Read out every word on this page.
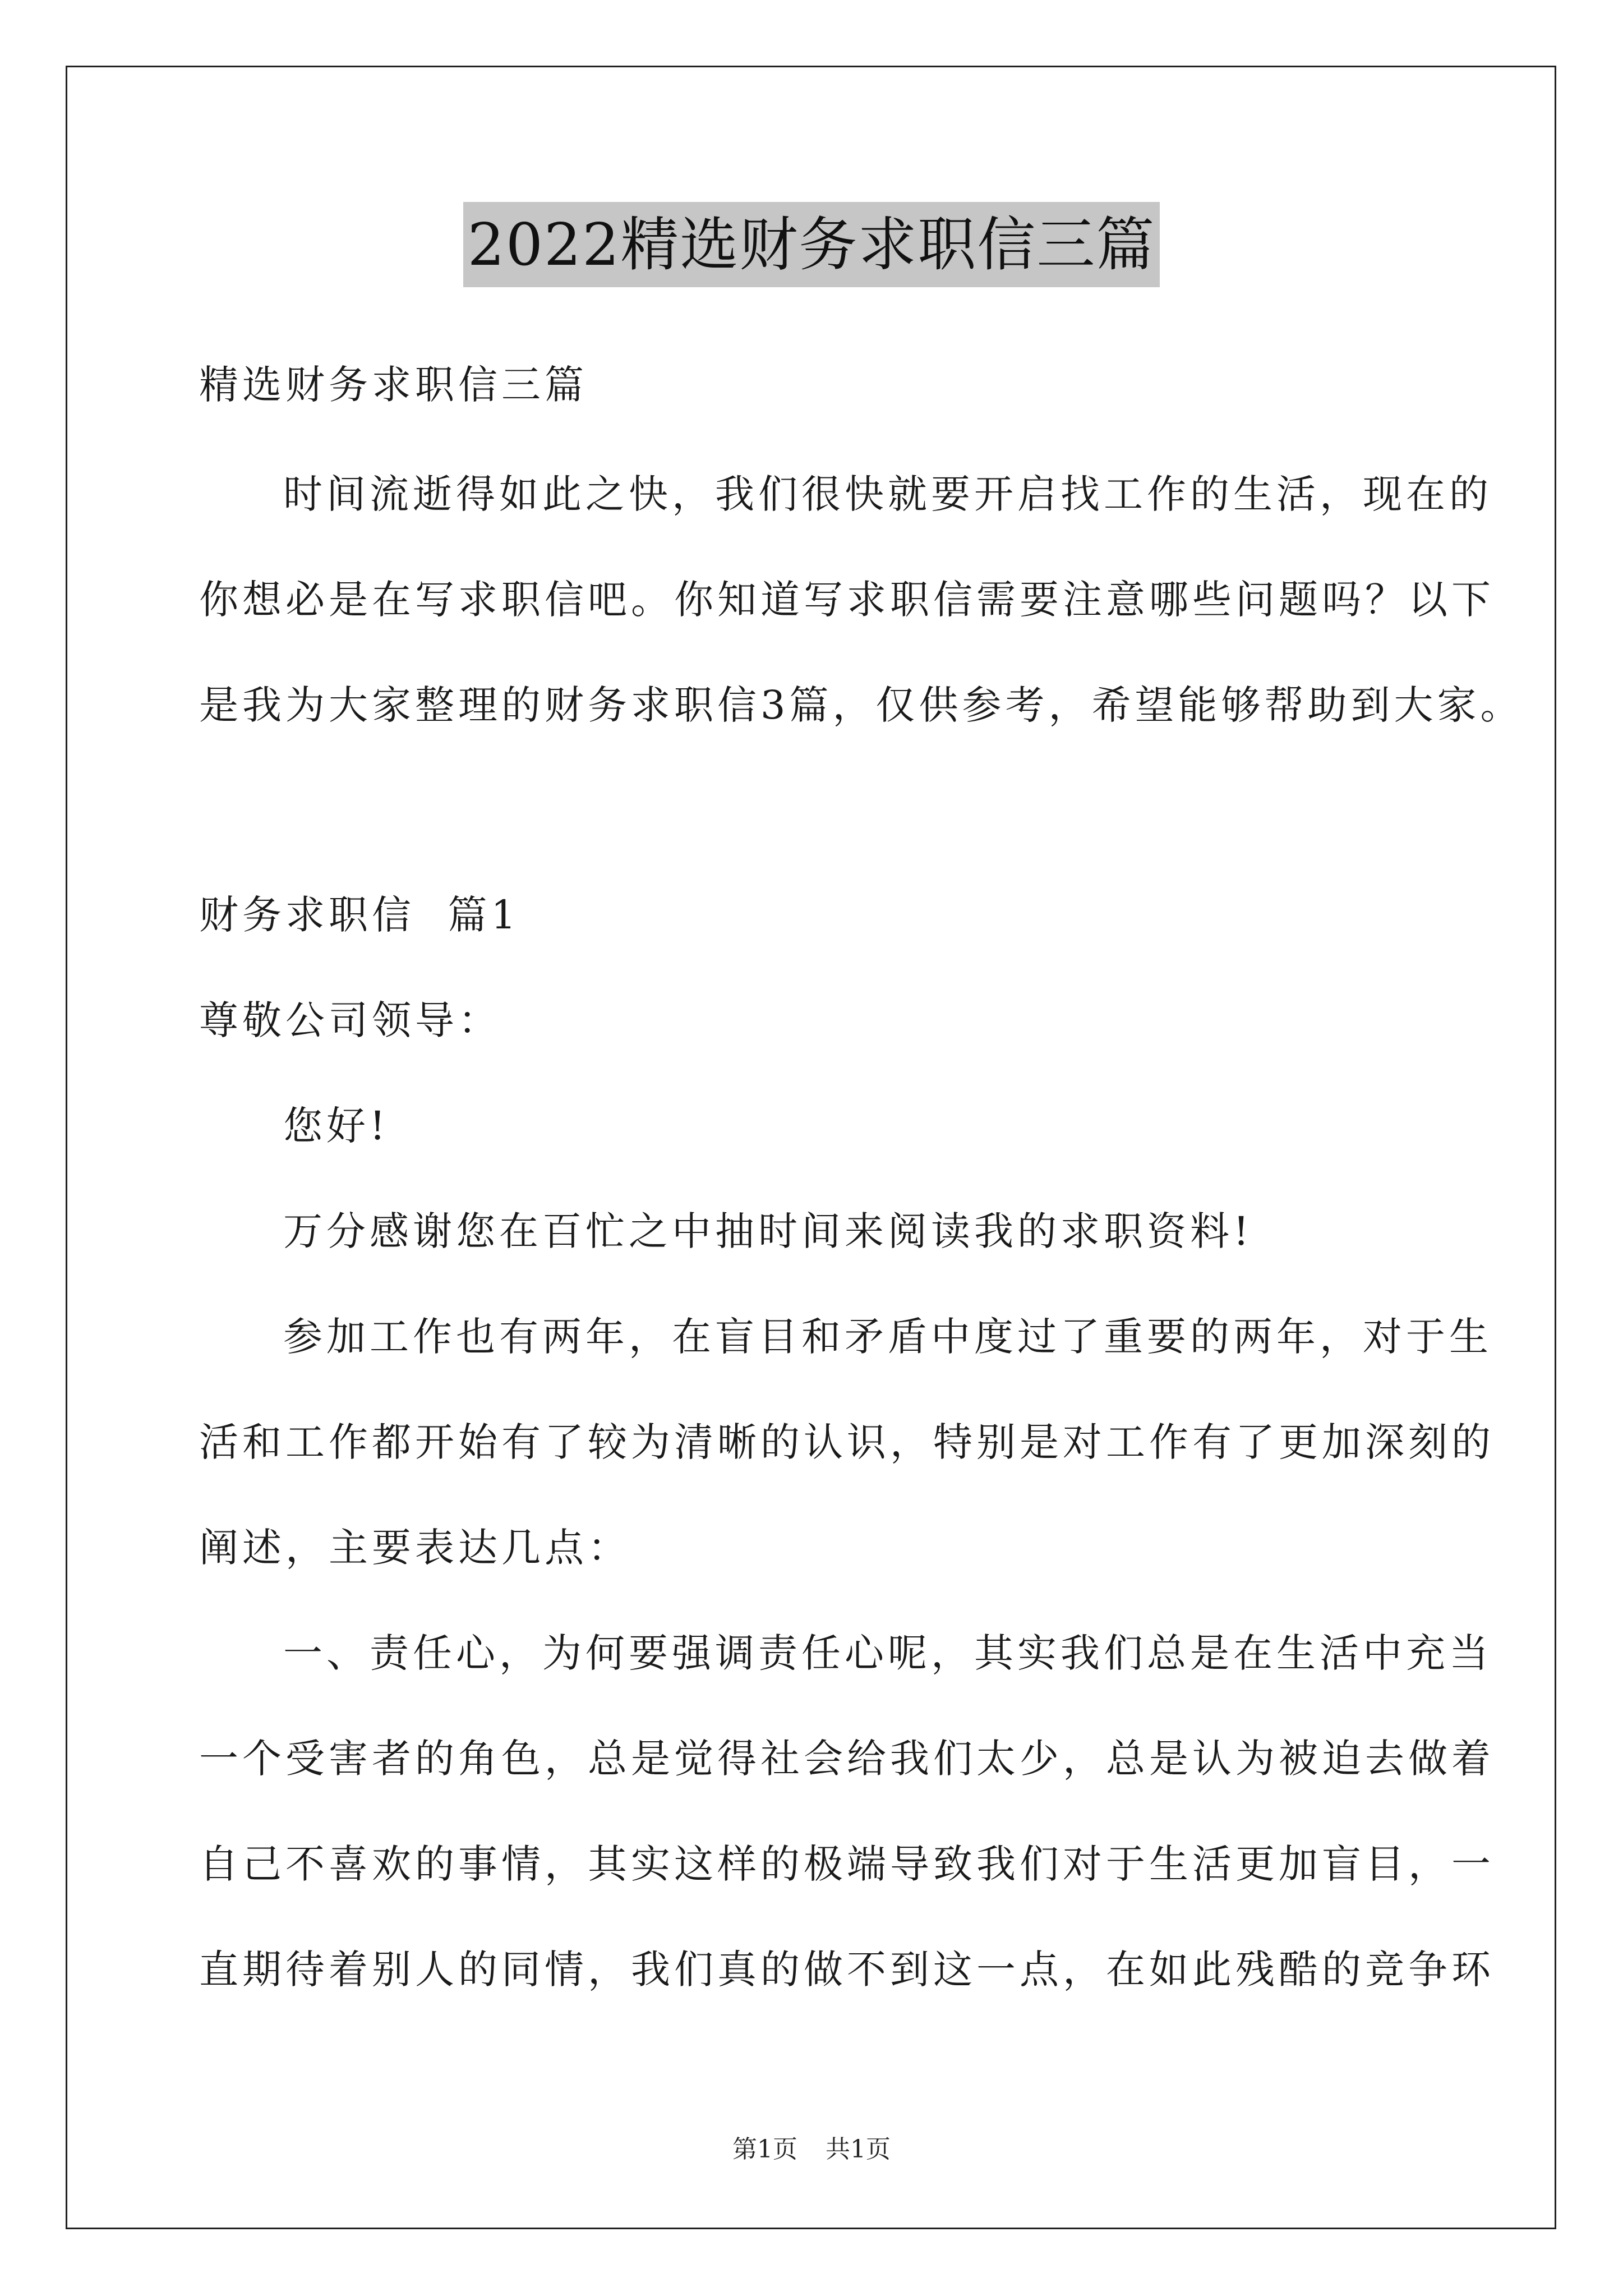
2022精选财务求职信三篇
精选财务求职信三篇
时间流逝得如此之快，我们很快就要开启找工作的生活，现在的
你想必是在写求职信吧。你知道写求职信需要注意哪些问题吗？以下
是我为大家整理的财务求职信3篇，仅供参考，希望能够帮助到大家。
财务求职信  篇1
尊敬公司领导：
您好!
万分感谢您在百忙之中抽时间来阅读我的求职资料!
参加工作也有两年，在盲目和矛盾中度过了重要的两年，对于生
活和工作都开始有了较为清晰的认识，特别是对工作有了更加深刻的
阐述，主要表达几点：
一、责任心，为何要强调责任心呢，其实我们总是在生活中充当
一个受害者的角色，总是觉得社会给我们太少，总是认为被迫去做着
自己不喜欢的事情，其实这样的极端导致我们对于生活更加盲目，一
直期待着别人的同情，我们真的做不到这一点，在如此残酷的竞争环
第1页 共1页
